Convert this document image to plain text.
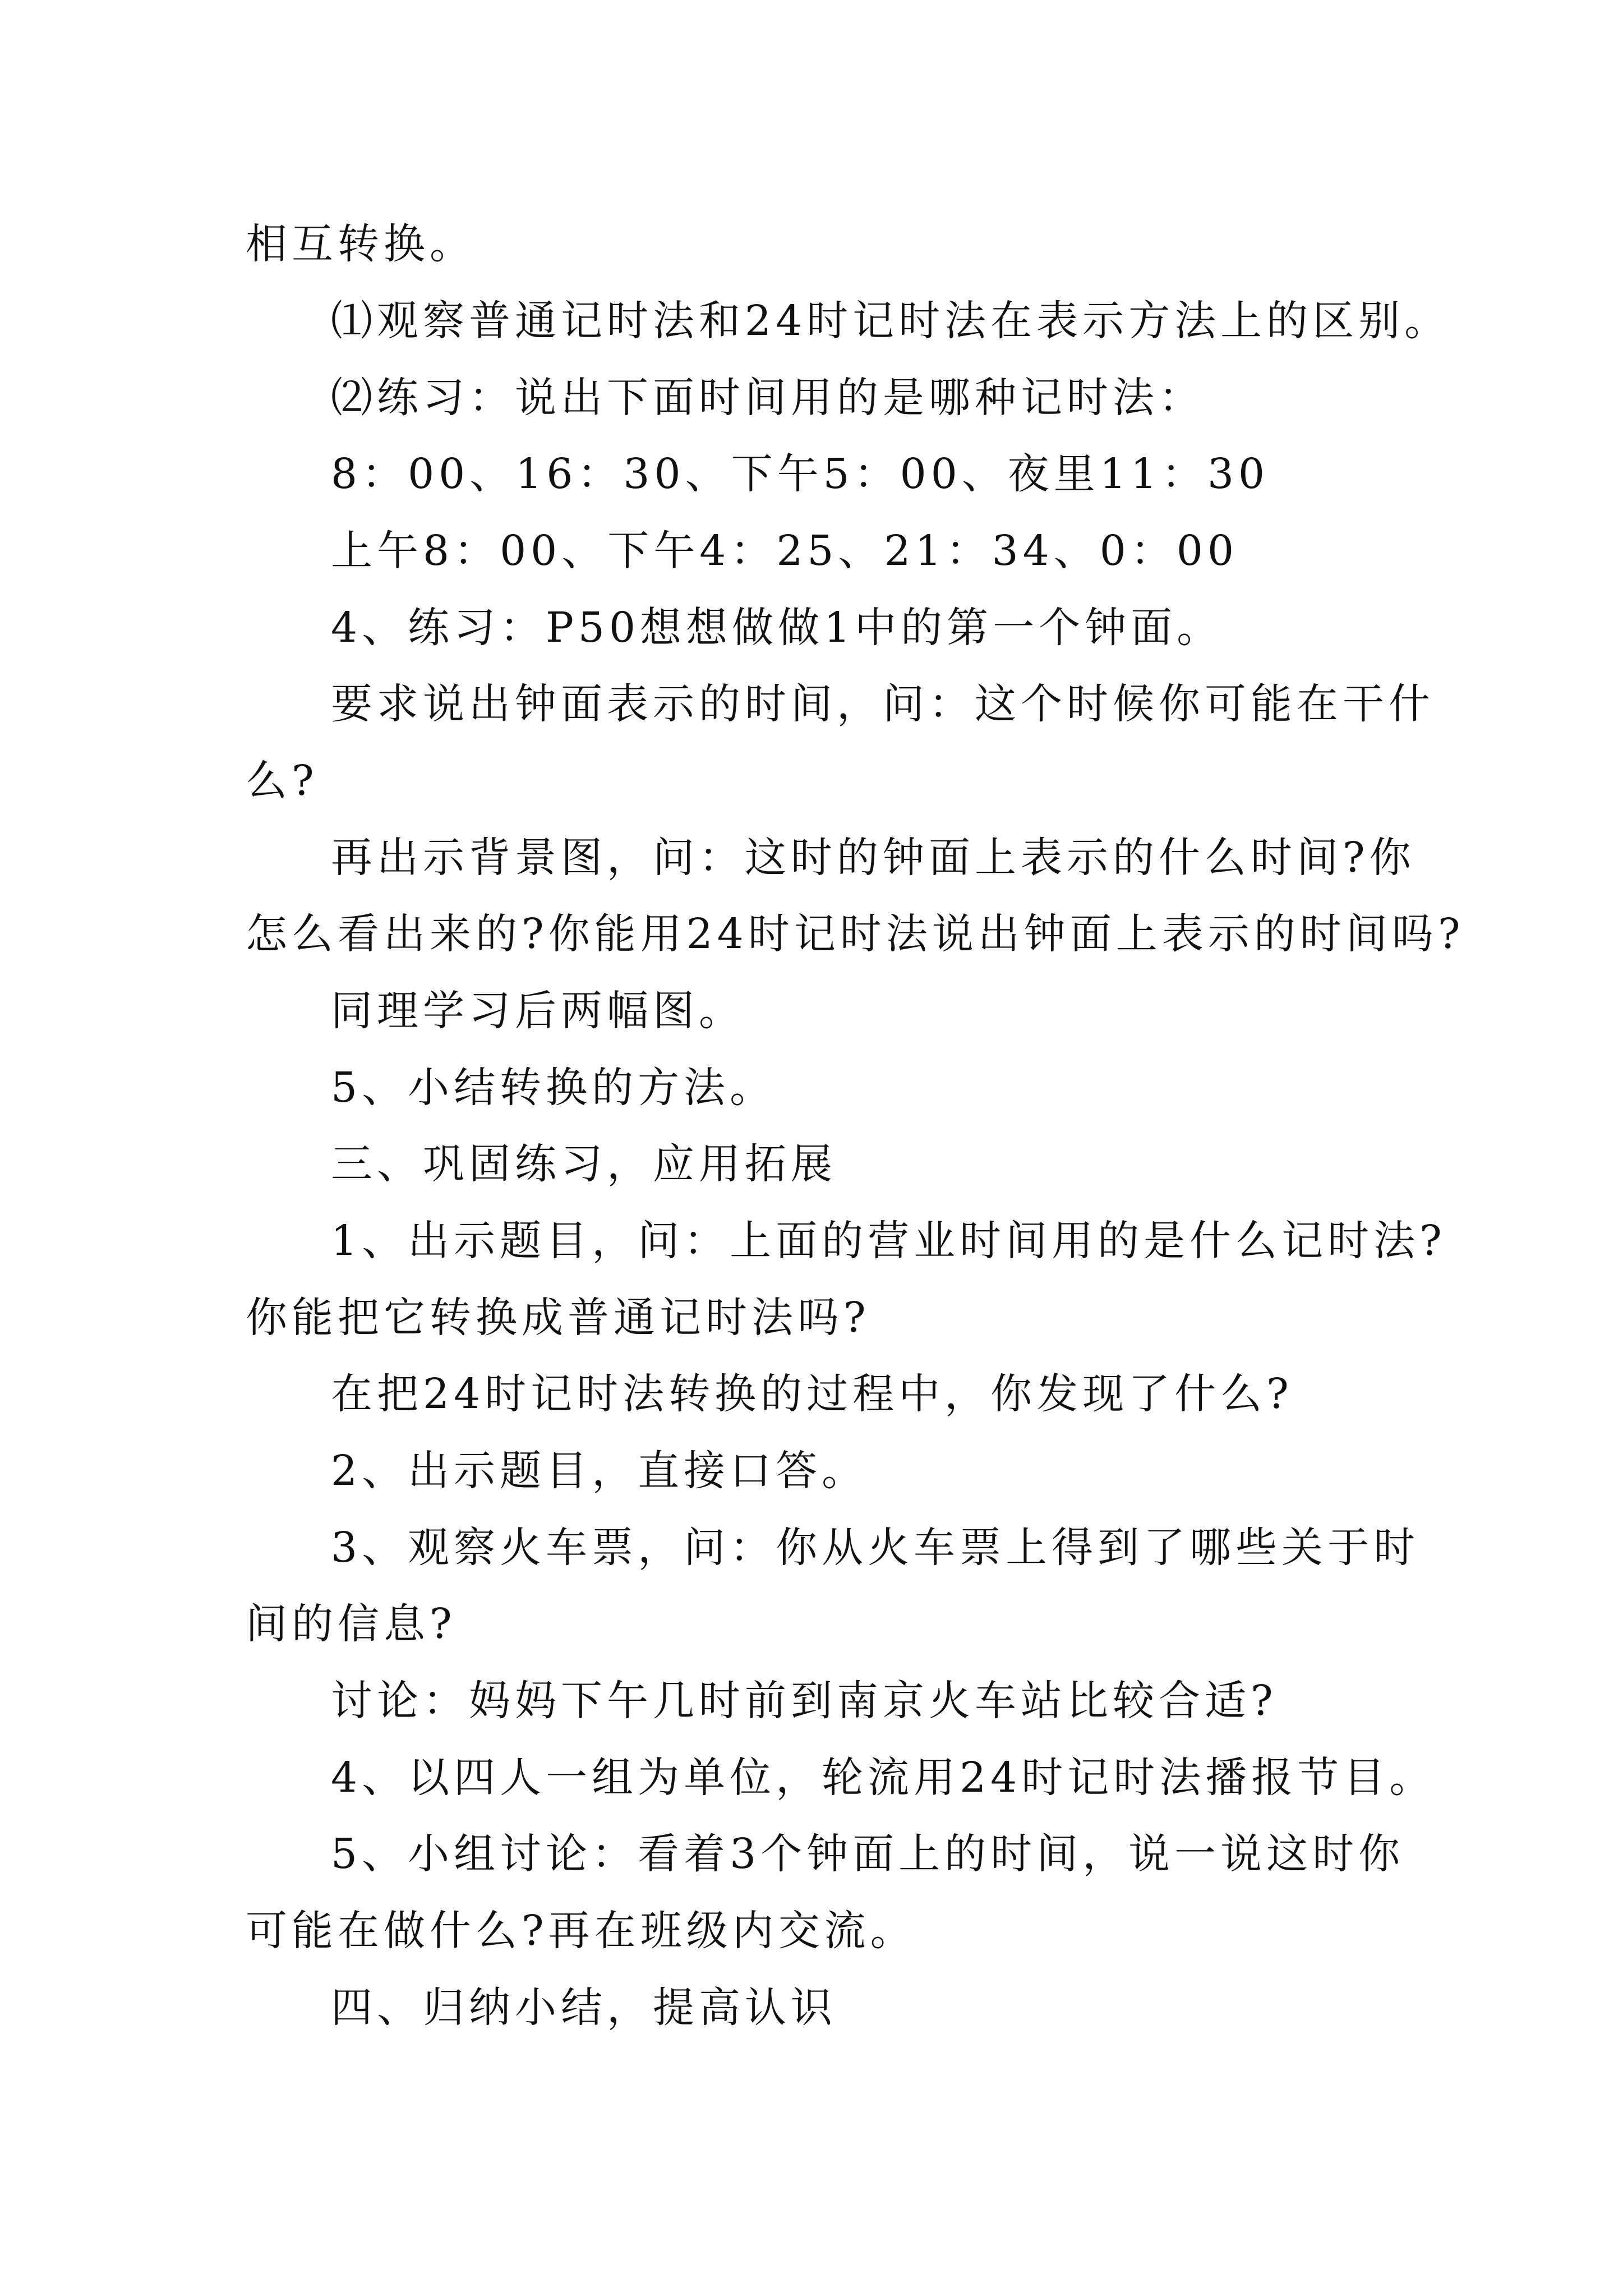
相互转换。
⑴观察普通记时法和24时记时法在表示方法上的区别。
⑵练习：说出下面时间用的是哪种记时法：
8：00、16：30、下午5：00、夜里11：30
上午8：00、下午4：25、21：34、0：00
4、练习：P50想想做做1中的第一个钟面。
要求说出钟面表示的时间，问：这个时候你可能在干什
么?
再出示背景图，问：这时的钟面上表示的什么时间?你
怎么看出来的?你能用24时记时法说出钟面上表示的时间吗?
同理学习后两幅图。
5、小结转换的方法。
三、巩固练习，应用拓展
1、出示题目，问：上面的营业时间用的是什么记时法?
你能把它转换成普通记时法吗?
在把24时记时法转换的过程中，你发现了什么?
2、出示题目，直接口答。
3、观察火车票，问：你从火车票上得到了哪些关于时
间的信息?
讨论：妈妈下午几时前到南京火车站比较合适?
4、以四人一组为单位，轮流用24时记时法播报节目。
5、小组讨论：看着3个钟面上的时间，说一说这时你
可能在做什么?再在班级内交流。
四、归纳小结，提高认识
